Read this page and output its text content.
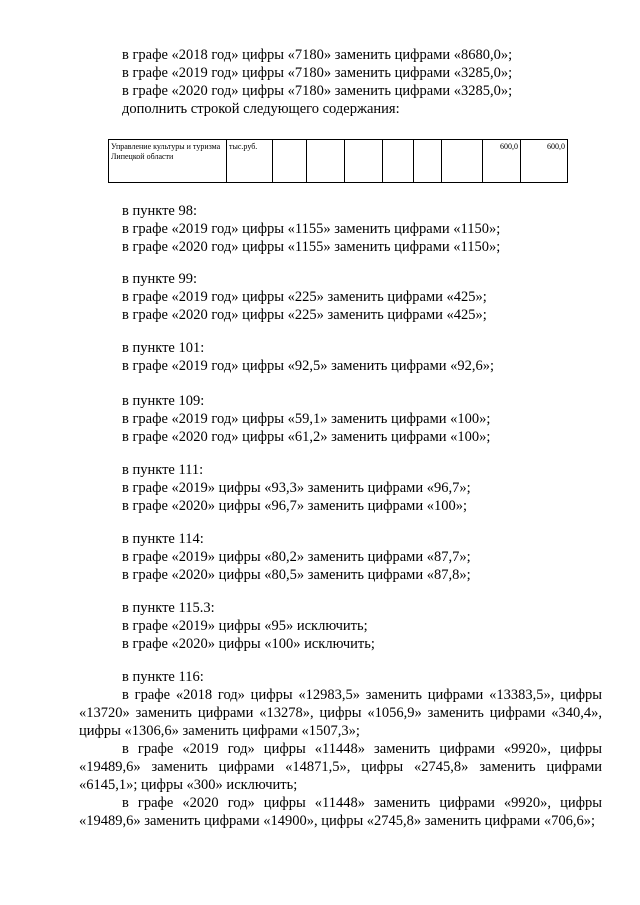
в графе «2018 год» цифры «7180» заменить цифрами «8680,0»;
в графе «2019 год» цифры «7180» заменить цифрами «3285,0»;
в графе «2020 год» цифры «7180» заменить цифрами «3285,0»;
дополнить строкой следующего содержания:
Управление культуры и туризма Липецкой области	тыс.руб.							600,0	600,0
в пункте 98:
в графе «2019 год» цифры «1155» заменить цифрами «1150»;
в графе «2020 год» цифры «1155» заменить цифрами «1150»;
в пункте 99:
в графе «2019 год» цифры «225» заменить цифрами «425»;
в графе «2020 год» цифры «225» заменить цифрами «425»;
в пункте 101:
в графе «2019 год» цифры «92,5» заменить цифрами «92,6»;
в пункте 109:
в графе «2019 год» цифры «59,1» заменить цифрами «100»;
в графе «2020 год» цифры «61,2» заменить цифрами «100»;
в пункте 111:
в графе «2019» цифры «93,3» заменить цифрами «96,7»;
в графе «2020» цифры «96,7» заменить цифрами «100»;
в пункте 114:
в графе «2019» цифры «80,2» заменить цифрами «87,7»;
в графе «2020» цифры «80,5» заменить цифрами «87,8»;
в пункте 115.3:
в графе «2019» цифры «95» исключить;
в графе «2020» цифры «100» исключить;
в пункте 116:
в графе «2018 год» цифры «12983,5» заменить цифрами «13383,5», цифры «13720» заменить цифрами «13278», цифры «1056,9» заменить цифрами «340,4», цифры «1306,6» заменить цифрами «1507,3»;
в графе «2019 год» цифры «11448» заменить цифрами «9920», цифры «19489,6» заменить цифрами «14871,5», цифры «2745,8» заменить цифрами «6145,1»; цифры «300» исключить;
в графе «2020 год» цифры «11448» заменить цифрами «9920», цифры «19489,6» заменить цифрами «14900», цифры «2745,8» заменить цифрами «706,6»;
